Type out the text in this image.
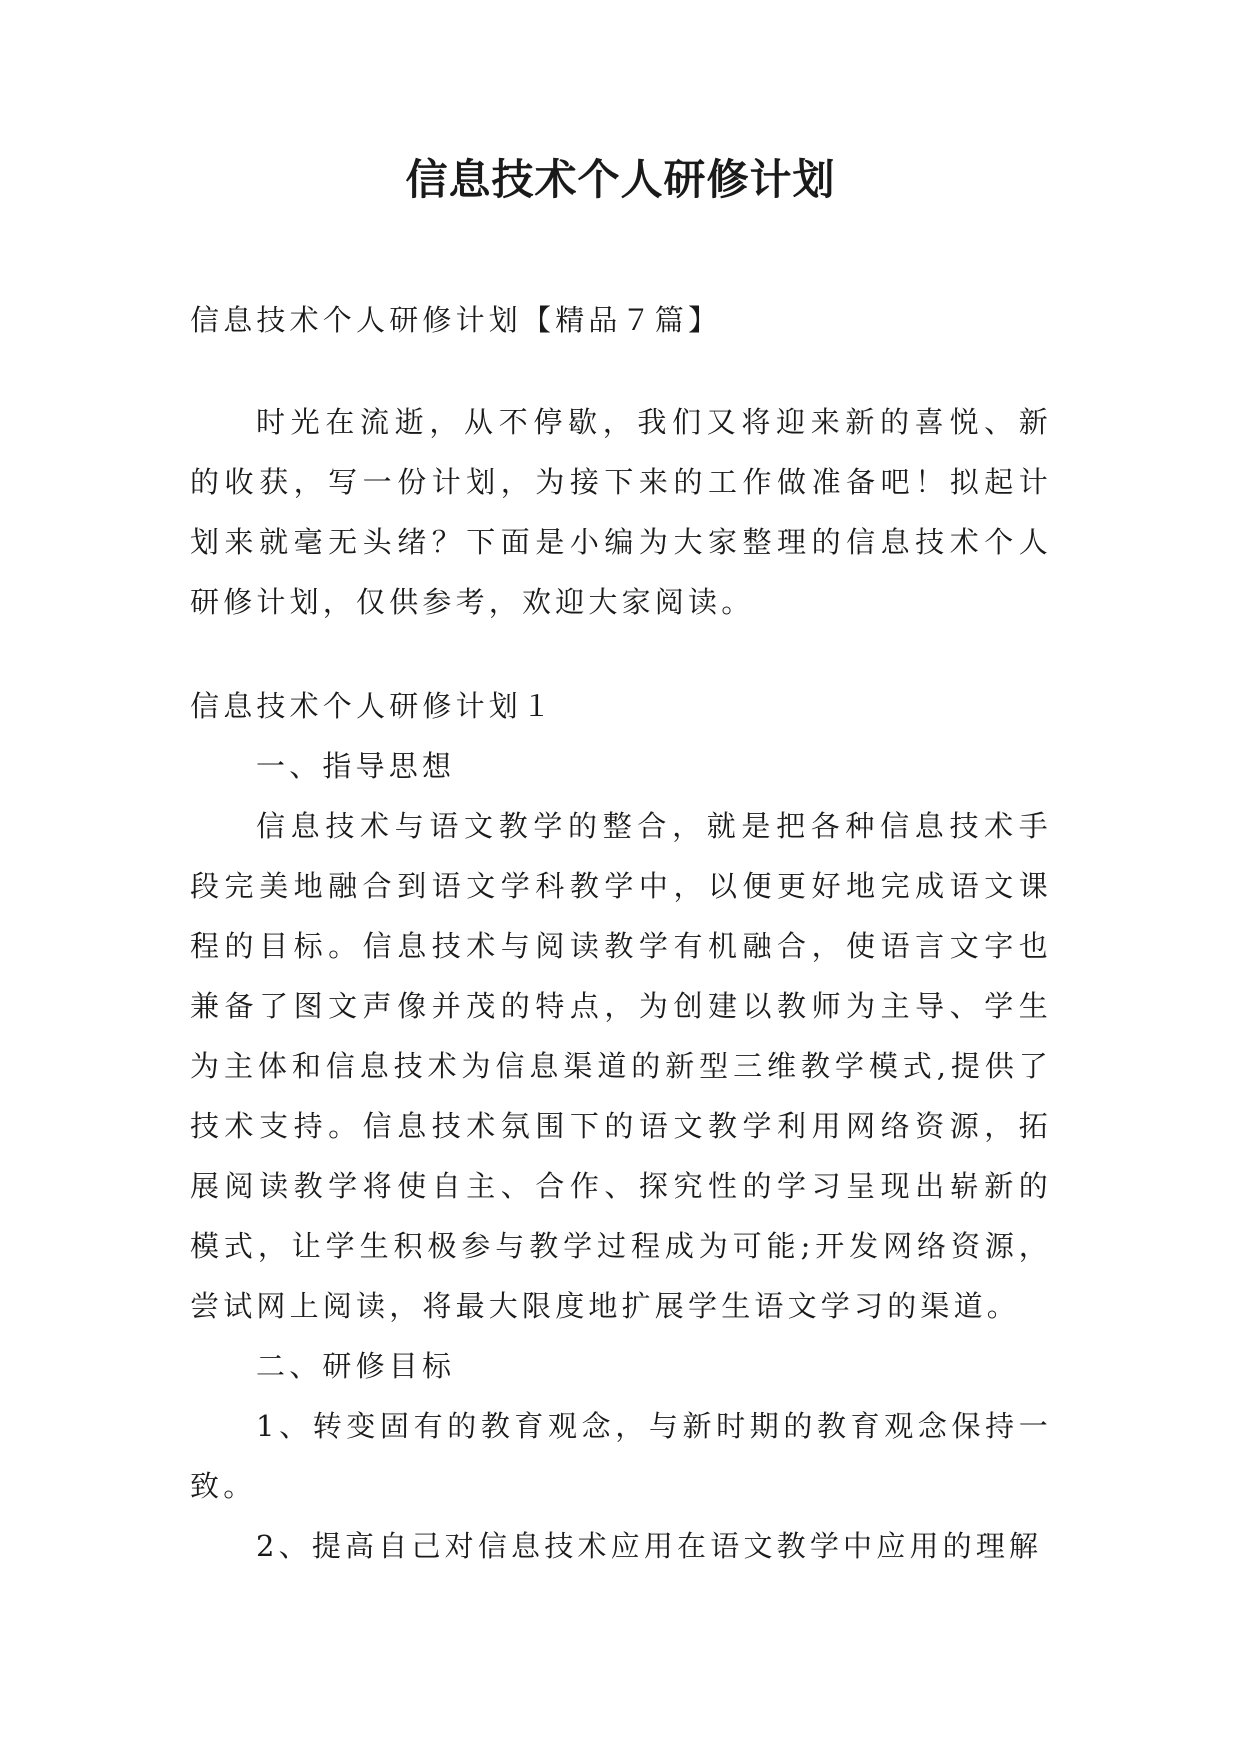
信息技术个人研修计划

信息技术个人研修计划【精品７篇】

时光在流逝，从不停歇，我们又将迎来新的喜悦、新的收获，写一份计划，为接下来的工作做准备吧！拟起计划来就毫无头绪？下面是小编为大家整理的信息技术个人研修计划，仅供参考，欢迎大家阅读。

信息技术个人研修计划１

一、指导思想

信息技术与语文教学的整合，就是把各种信息技术手段完美地融合到语文学科教学中，以便更好地完成语文课程的目标。信息技术与阅读教学有机融合，使语言文字也兼备了图文声像并茂的特点，为创建以教师为主导、学生为主体和信息技术为信息渠道的新型三维教学模式,提供了技术支持。信息技术氛围下的语文教学利用网络资源，拓展阅读教学将使自主、合作、探究性的学习呈现出崭新的模式，让学生积极参与教学过程成为可能;开发网络资源，尝试网上阅读，将最大限度地扩展学生语文学习的渠道。

二、研修目标

1、转变固有的教育观念，与新时期的教育观念保持一致。

2、提高自己对信息技术应用在语文教学中应用的理解
